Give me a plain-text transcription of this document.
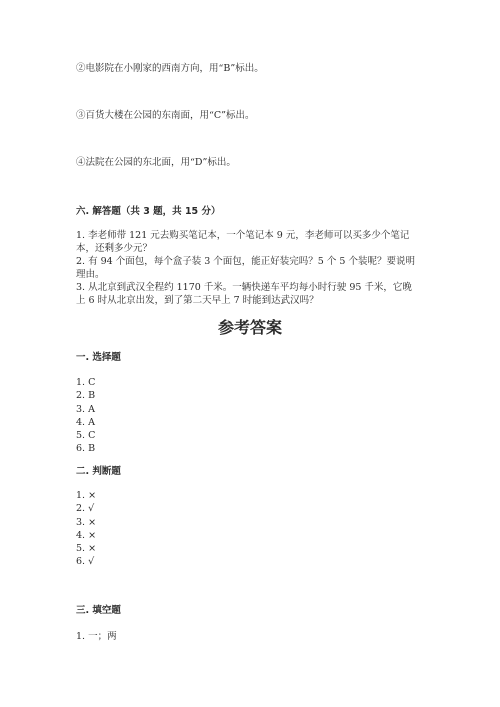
②电影院在小刚家的西南方向，用“B”标出。

③百货大楼在公园的东南面，用“C”标出。

④法院在公园的东北面，用“D”标出。

六. 解答题（共 3 题，共 15 分）

1. 李老师带 121 元去购买笔记本，一个笔记本 9 元，李老师可以买多少个笔记

本，还剩多少元？

2. 有 94 个面包，每个盒子装 3 个面包，能正好装完吗？5 个 5 个装呢？要说明

理由。

3. 从北京到武汉全程约 1170 千米。一辆快递车平均每小时行驶 95 千米，它晚

上 6 时从北京出发，到了第二天早上 7 时能到达武汉吗？

参考答案

一. 选择题

1. C
2. B
3. A
4. A
5. C
6. B

二. 判断题

1. ×
2. √
3. ×
4. ×
5. ×
6. √

三. 填空题

1. 一；两
